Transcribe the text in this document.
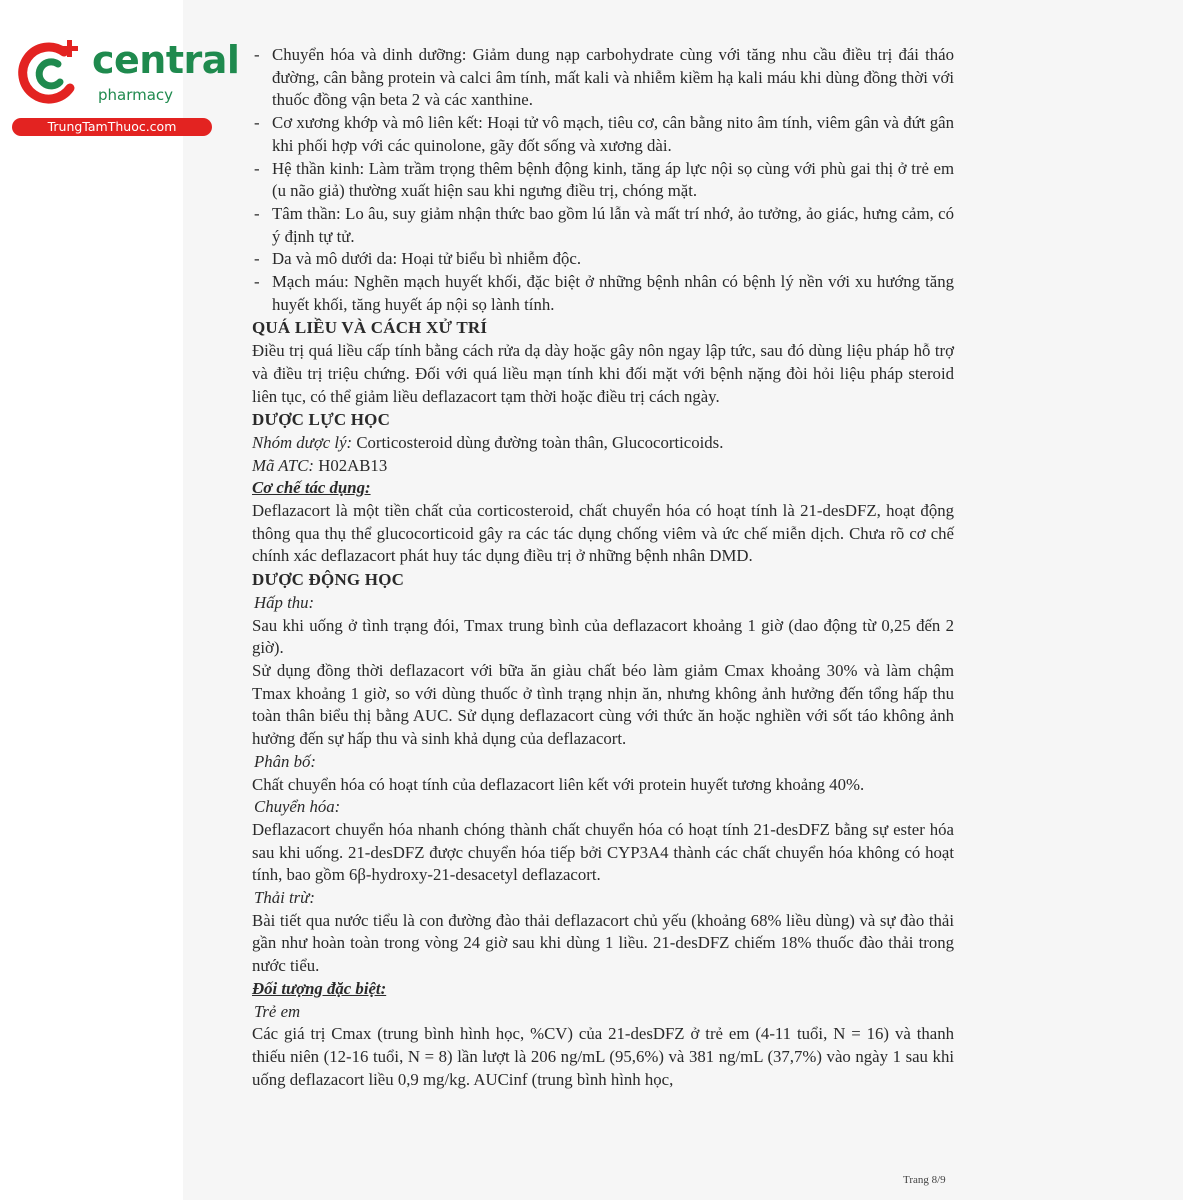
central
pharmacy
TrungTamThuoc.com
- Chuyển hóa và dinh dưỡng: Giảm dung nạp carbohydrate cùng với tăng nhu cầu điều trị đái tháo đường, cân bằng protein và calci âm tính, mất kali và nhiễm kiềm hạ kali máu khi dùng đồng thời với thuốc đồng vận beta 2 và các xanthine.
- Cơ xương khớp và mô liên kết: Hoại tử vô mạch, tiêu cơ, cân bằng nito âm tính, viêm gân và đứt gân khi phối hợp với các quinolone, gãy đốt sống và xương dài.
- Hệ thần kinh: Làm trầm trọng thêm bệnh động kinh, tăng áp lực nội sọ cùng với phù gai thị ở trẻ em (u não giả) thường xuất hiện sau khi ngưng điều trị, chóng mặt.
- Tâm thần: Lo âu, suy giảm nhận thức bao gồm lú lẫn và mất trí nhớ, ảo tưởng, ảo giác, hưng cảm, có ý định tự tử.
- Da và mô dưới da: Hoại tử biểu bì nhiễm độc.
- Mạch máu: Nghẽn mạch huyết khối, đặc biệt ở những bệnh nhân có bệnh lý nền với xu hướng tăng huyết khối, tăng huyết áp nội sọ lành tính.
QUÁ LIỀU VÀ CÁCH XỬ TRÍ
Điều trị quá liều cấp tính bằng cách rửa dạ dày hoặc gây nôn ngay lập tức, sau đó dùng liệu pháp hỗ trợ và điều trị triệu chứng. Đối với quá liều mạn tính khi đối mặt với bệnh nặng đòi hỏi liệu pháp steroid liên tục, có thể giảm liều deflazacort tạm thời hoặc điều trị cách ngày.
DƯỢC LỰC HỌC
Nhóm dược lý: Corticosteroid dùng đường toàn thân, Glucocorticoids.
Mã ATC: H02AB13
Cơ chế tác dụng:
Deflazacort là một tiền chất của corticosteroid, chất chuyển hóa có hoạt tính là 21-desDFZ, hoạt động thông qua thụ thể glucocorticoid gây ra các tác dụng chống viêm và ức chế miễn dịch. Chưa rõ cơ chế chính xác deflazacort phát huy tác dụng điều trị ở những bệnh nhân DMD.
DƯỢC ĐỘNG HỌC
Hấp thu:
Sau khi uống ở tình trạng đói, Tmax trung bình của deflazacort khoảng 1 giờ (dao động từ 0,25 đến 2 giờ).
Sử dụng đồng thời deflazacort với bữa ăn giàu chất béo làm giảm Cmax khoảng 30% và làm chậm Tmax khoảng 1 giờ, so với dùng thuốc ở tình trạng nhịn ăn, nhưng không ảnh hưởng đến tổng hấp thu toàn thân biểu thị bằng AUC. Sử dụng deflazacort cùng với thức ăn hoặc nghiền với sốt táo không ảnh hưởng đến sự hấp thu và sinh khả dụng của deflazacort.
Phân bố:
Chất chuyển hóa có hoạt tính của deflazacort liên kết với protein huyết tương khoảng 40%.
Chuyển hóa:
Deflazacort chuyển hóa nhanh chóng thành chất chuyển hóa có hoạt tính 21-desDFZ bằng sự ester hóa sau khi uống. 21-desDFZ được chuyển hóa tiếp bởi CYP3A4 thành các chất chuyển hóa không có hoạt tính, bao gồm 6β-hydroxy-21-desacetyl deflazacort.
Thải trừ:
Bài tiết qua nước tiểu là con đường đào thải deflazacort chủ yếu (khoảng 68% liều dùng) và sự đào thải gần như hoàn toàn trong vòng 24 giờ sau khi dùng 1 liều. 21-desDFZ chiếm 18% thuốc đào thải trong nước tiểu.
Đối tượng đặc biệt:
Trẻ em
Các giá trị Cmax (trung bình hình học, %CV) của 21-desDFZ ở trẻ em (4-11 tuổi, N = 16) và thanh thiếu niên (12-16 tuổi, N = 8) lần lượt là 206 ng/mL (95,6%) và 381 ng/mL (37,7%) vào ngày 1 sau khi uống deflazacort liều 0,9 mg/kg. AUCinf (trung bình hình học,
Trang 8/9
